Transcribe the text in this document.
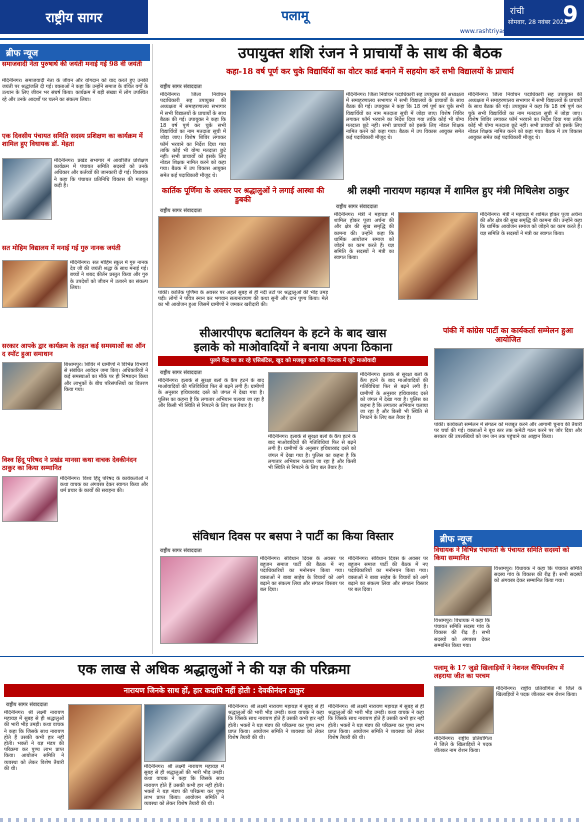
राष्ट्रीय सागर	पलामू	रांची
सोमवार, 28 नवंबर 2023
9
www.rashtriyasagar.com
ब्रीफ न्यूज
समाजवादी नेता पुरुषार्थ की जयंती मनाई गई 98 वीं जयंती
मेदिनीनगर। समाजवादी नेता के जीवन और योगदान को याद करते हुए उनकी जयंती पर श्रद्धांजलि दी गई। वक्ताओं ने कहा कि उन्होंने समाज के वंचित वर्गों के उत्थान के लिए जीवन भर संघर्ष किया। कार्यक्रम में बड़ी संख्या में लोग उपस्थित रहे और उनके आदर्शों पर चलने का संकल्प लिया।
एक दिवसीय पंचायत समिति सदस्य प्रशिक्षण का कार्यक्रम में शामिल हुए विधायक डॉ. मेहता
मेदिनीनगर। प्रखंड सभागार में आयोजित प्रशिक्षण कार्यक्रम में पंचायत समिति सदस्यों को उनके अधिकार और कर्तव्यों की जानकारी दी गई। विधायक ने कहा कि पंचायत प्रतिनिधि विकास की मजबूत कड़ी हैं।
सत मोहिम विद्यालय में मनाई गई गुरु नानक जयंती
मेदिनीनगर। सत मोहिम स्कूल में गुरु नानक देव जी की जयंती श्रद्धा के साथ मनाई गई। बच्चों ने शबद कीर्तन प्रस्तुत किया और गुरु के उपदेशों को जीवन में उतारने का संकल्प लिया।
सरकार आपके द्वार कार्यक्रम के तहत कई समस्याओं का ऑन द स्पॉट हुआ समाधान
बिश्रामपुर। शिविर में ग्रामीणों ने विभिन्न विभागों से संबंधित आवेदन जमा किए। अधिकारियों ने कई समस्याओं का मौके पर ही निष्पादन किया और लाभुकों के बीच परिसंपत्तियों का वितरण किया गया।
विश्व हिंदू परिषद ने प्रखंड मानसा कथा वाचक देवकीनंदन ठाकुर का किया सम्मानित
मेदिनीनगर। विश्व हिंदू परिषद के कार्यकर्ताओं ने कथा वाचक का अंगवस्त्र देकर स्वागत किया और धर्म प्रचार के कार्यों की सराहना की।
उपायुक्त शशि रंजन ने प्राचार्यों के साथ की बैठक
कहा-18 वर्ष पूर्ण कर चुके विद्यार्थियों का वोटर कार्ड बनाने में सहयोग करें सभी विद्यालयों के प्राचार्य
राष्ट्रीय सागर संवाददाता
मेदिनीनगर। जिला निर्वाचन पदाधिकारी सह उपायुक्त की अध्यक्षता में समाहरणालय सभागार में सभी विद्यालयों के प्राचार्यों के साथ बैठक की गई। उपायुक्त ने कहा कि 18 वर्ष पूर्ण कर चुके सभी विद्यार्थियों का नाम मतदाता सूची में जोड़ा जाए। विशेष शिविर लगाकर फॉर्म भरवाने का निर्देश दिया गया ताकि कोई भी योग्य मतदाता छूटे नहीं। सभी प्राचार्यों को इसके लिए नोडल शिक्षक नामित करने को कहा गया। बैठक में उप विकास आयुक्त समेत कई पदाधिकारी मौजूद थे।
मेदिनीनगर। जिला निर्वाचन पदाधिकारी सह उपायुक्त की अध्यक्षता में समाहरणालय सभागार में सभी विद्यालयों के प्राचार्यों के साथ बैठक की गई। उपायुक्त ने कहा कि 18 वर्ष पूर्ण कर चुके सभी विद्यार्थियों का नाम मतदाता सूची में जोड़ा जाए। विशेष शिविर लगाकर फॉर्म भरवाने का निर्देश दिया गया ताकि कोई भी योग्य मतदाता छूटे नहीं। सभी प्राचार्यों को इसके लिए नोडल शिक्षक नामित करने को कहा गया। बैठक में उप विकास आयुक्त समेत कई पदाधिकारी मौजूद थे।
मेदिनीनगर। जिला निर्वाचन पदाधिकारी सह उपायुक्त की अध्यक्षता में समाहरणालय सभागार में सभी विद्यालयों के प्राचार्यों के साथ बैठक की गई। उपायुक्त ने कहा कि 18 वर्ष पूर्ण कर चुके सभी विद्यार्थियों का नाम मतदाता सूची में जोड़ा जाए। विशेष शिविर लगाकर फॉर्म भरवाने का निर्देश दिया गया ताकि कोई भी योग्य मतदाता छूटे नहीं। सभी प्राचार्यों को इसके लिए नोडल शिक्षक नामित करने को कहा गया। बैठक में उप विकास आयुक्त समेत कई पदाधिकारी मौजूद थे।
कार्तिक पूर्णिमा के अवसर पर श्रद्धालुओं ने लगाई आस्था की डुबकी
राष्ट्रीय सागर संवाददाता
पांकी। कार्तिक पूर्णिमा के अवसर पर अहले सुबह से ही नदी तटों पर श्रद्धालुओं की भीड़ उमड़ पड़ी। लोगों ने पवित्र स्नान कर भगवान सत्यनारायण की कथा सुनी और दान पुण्य किया। मेले का भी आयोजन हुआ जिसमें ग्रामीणों ने जमकर खरीदारी की।
श्री लक्ष्मी नारायण महायज्ञ में शामिल हुए मंत्री मिथिलेश ठाकुर
राष्ट्रीय सागर संवाददाता
मेदिनीनगर। मंत्री ने महायज्ञ में शामिल होकर पूजा अर्चना की और क्षेत्र की सुख समृद्धि की कामना की। उन्होंने कहा कि धार्मिक आयोजन समाज को जोड़ने का काम करते हैं। यज्ञ समिति के सदस्यों ने मंत्री का स्वागत किया।
मेदिनीनगर। मंत्री ने महायज्ञ में शामिल होकर पूजा अर्चना की और क्षेत्र की सुख समृद्धि की कामना की। उन्होंने कहा कि धार्मिक आयोजन समाज को जोड़ने का काम करते हैं। यज्ञ समिति के सदस्यों ने मंत्री का स्वागत किया।
सीआरपीएफ बटालियन के हटने के बाद खास
इलाके को माओवादियों ने बनाया अपना ठिकाना
पुलने केंद्र का डर रहे एसिबंटिस, खुद को मजबूत करने की फिराक में जुटे माओवादी
राष्ट्रीय सागर संवाददाता
मेदिनीनगर। इलाके से सुरक्षा बलों के कैंप हटने के बाद माओवादियों की गतिविधियां फिर से बढ़ने लगी हैं। ग्रामीणों के अनुसार हथियारबंद दस्ते को जंगल में देखा गया है। पुलिस का कहना है कि लगातार अभियान चलाया जा रहा है और किसी भी स्थिति से निपटने के लिए बल तैयार है।
मेदिनीनगर। इलाके से सुरक्षा बलों के कैंप हटने के बाद माओवादियों की गतिविधियां फिर से बढ़ने लगी हैं। ग्रामीणों के अनुसार हथियारबंद दस्ते को जंगल में देखा गया है। पुलिस का कहना है कि लगातार अभियान चलाया जा रहा है और किसी भी स्थिति से निपटने के लिए बल तैयार है।
मेदिनीनगर। इलाके से सुरक्षा बलों के कैंप हटने के बाद माओवादियों की गतिविधियां फिर से बढ़ने लगी हैं। ग्रामीणों के अनुसार हथियारबंद दस्ते को जंगल में देखा गया है। पुलिस का कहना है कि लगातार अभियान चलाया जा रहा है और किसी भी स्थिति से निपटने के लिए बल तैयार है।
पांकी में कांग्रेस पार्टी का कार्यकर्ता सम्मेलन हुआ आयोजित
पांकी। कार्यकर्ता सम्मेलन में संगठन को मजबूत करने और आगामी चुनाव की तैयारी पर चर्चा की गई। वक्ताओं ने बूथ स्तर तक कमेटी गठन करने पर जोर दिया और सरकार की उपलब्धियों को जन जन तक पहुंचाने का आह्वान किया।
संविधान दिवस पर बसपा ने पार्टी का किया विस्तार
राष्ट्रीय सागर संवाददाता
मेदिनीनगर। संविधान दिवस के अवसर पर बहुजन समाज पार्टी की बैठक में नए पदाधिकारियों का मनोनयन किया गया। वक्ताओं ने बाबा साहेब के विचारों को आगे बढ़ाने का संकल्प लिया और संगठन विस्तार पर बल दिया।
मेदिनीनगर। संविधान दिवस के अवसर पर बहुजन समाज पार्टी की बैठक में नए पदाधिकारियों का मनोनयन किया गया। वक्ताओं ने बाबा साहेब के विचारों को आगे बढ़ाने का संकल्प लिया और संगठन विस्तार पर बल दिया।
ब्रीफ न्यूज
विधायक ने विभिन्न पंचायतों के पंचायत समिति सदस्यों को किया सम्मानित
विश्रामपुर। विधायक ने कहा कि पंचायत समिति सदस्य गांव के विकास की रीढ़ हैं। सभी सदस्यों को अंगवस्त्र देकर सम्मानित किया गया।
विश्रामपुर। विधायक ने कहा कि पंचायत समिति सदस्य गांव के विकास की रीढ़ हैं। सभी सदस्यों को अंगवस्त्र देकर सम्मानित किया गया।
एक लाख से अधिक श्रद्धालुओं ने की यज्ञ की परिक्रमा
नारायण जिनके साथ हों, हार कदापि नहीं होती : देवकीनंदन ठाकुर
राष्ट्रीय सागर संवाददाता
मेदिनीनगर। श्री लक्ष्मी नारायण महायज्ञ में सुबह से ही श्रद्धालुओं की भारी भीड़ उमड़ी। कथा वाचक ने कहा कि जिसके साथ नारायण होते हैं उसकी कभी हार नहीं होती। भक्तों ने यज्ञ मंडप की परिक्रमा कर पुण्य लाभ प्राप्त किया। आयोजन समिति ने व्यवस्था को लेकर विशेष तैयारी की थी।	मेदिनीनगर। श्री लक्ष्मी नारायण महायज्ञ में सुबह से ही श्रद्धालुओं की भारी भीड़ उमड़ी। कथा वाचक ने कहा कि जिसके साथ नारायण होते हैं उसकी कभी हार नहीं होती। भक्तों ने यज्ञ मंडप की परिक्रमा कर पुण्य लाभ प्राप्त किया। आयोजन समिति ने व्यवस्था को लेकर विशेष तैयारी की थी।
मेदिनीनगर। श्री लक्ष्मी नारायण महायज्ञ में सुबह से ही श्रद्धालुओं की भारी भीड़ उमड़ी। कथा वाचक ने कहा कि जिसके साथ नारायण होते हैं उसकी कभी हार नहीं होती। भक्तों ने यज्ञ मंडप की परिक्रमा कर पुण्य लाभ प्राप्त किया। आयोजन समिति ने व्यवस्था को लेकर विशेष तैयारी की थी।
मेदिनीनगर। श्री लक्ष्मी नारायण महायज्ञ में सुबह से ही श्रद्धालुओं की भारी भीड़ उमड़ी। कथा वाचक ने कहा कि जिसके साथ नारायण होते हैं उसकी कभी हार नहीं होती। भक्तों ने यज्ञ मंडप की परिक्रमा कर पुण्य लाभ प्राप्त किया। आयोजन समिति ने व्यवस्था को लेकर विशेष तैयारी की थी।
पलामू के 17 जुडो खिलाड़ियों ने नेशनल चैंपियनशिप में लहराया जीत का परचम
मेदिनीनगर। राष्ट्रीय प्रतियोगिता में जिले के खिलाड़ियों ने पदक जीतकर नाम रोशन किया।
मेदिनीनगर। राष्ट्रीय प्रतियोगिता में जिले के खिलाड़ियों ने पदक जीतकर नाम रोशन किया।
